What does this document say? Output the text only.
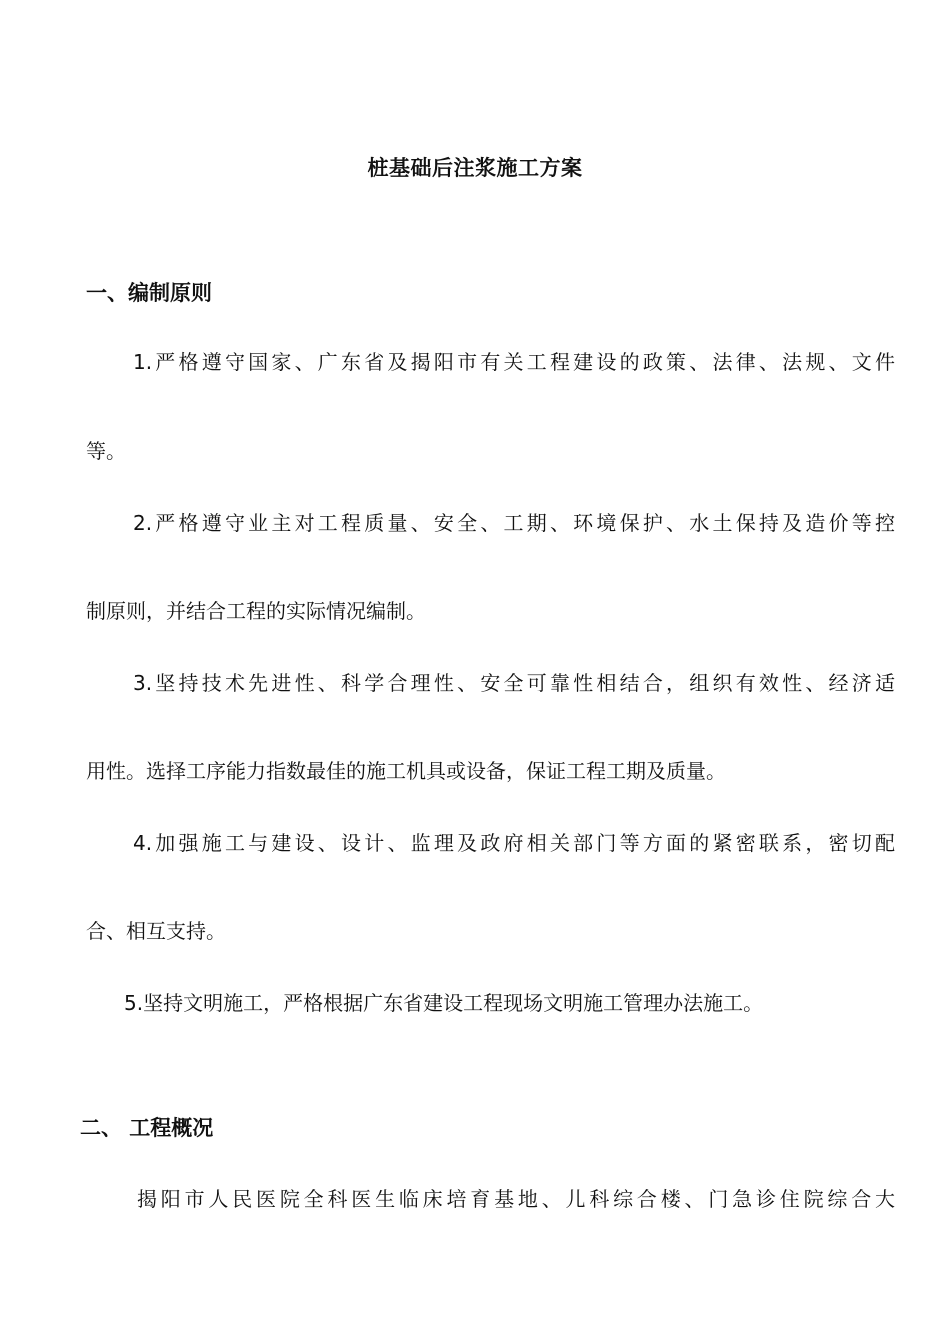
桩基础后注浆施工方案
一、编制原则

1.严格遵守国家、广东省及揭阳市有关工程建设的政策、法律、法规、文件

等。

2.严格遵守业主对工程质量、安全、工期、环境保护、水土保持及造价等控

制原则，并结合工程的实际情况编制。

3.坚持技术先进性、科学合理性、安全可靠性相结合，组织有效性、经济适

用性。选择工序能力指数最佳的施工机具或设备，保证工程工期及质量。

4.加强施工与建设、设计、监理及政府相关部门等方面的紧密联系，密切配

合、相互支持。

5.坚持文明施工，严格根据广东省建设工程现场文明施工管理办法施工。

二、 工程概况

揭阳市人民医院全科医生临床培育基地、儿科综合楼、门急诊住院综合大
